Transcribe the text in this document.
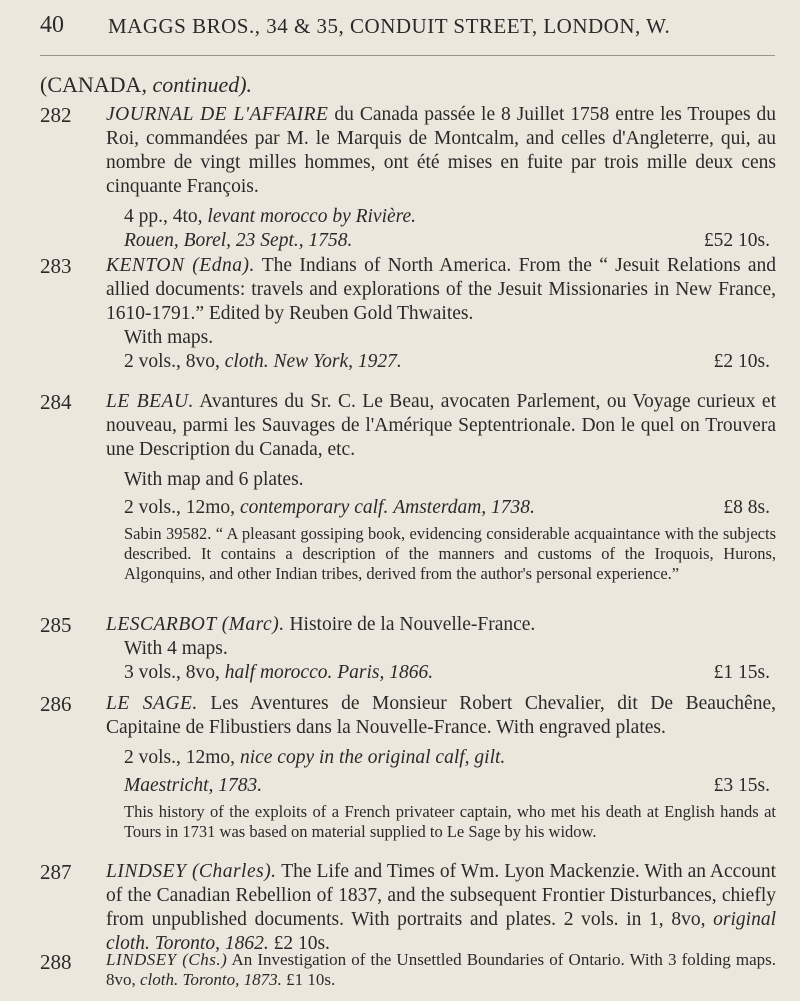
40 MAGGS BROS., 34 & 35, CONDUIT STREET, LONDON, W.
(CANADA, continued).
282 JOURNAL DE L'AFFAIRE du Canada passée le 8 Juillet 1758 entre les Troupes du Roi, commandées par M. le Marquis de Montcalm, and celles d'Angleterre, qui, au nombre de vingt milles hommes, ont été mises en fuite par trois mille deux cens cinquante François.

4 pp., 4to, levant morocco by Rivière.
Rouen, Borel, 23 Sept., 1758.	£52 10s.
283 KENTON (Edna). The Indians of North America. From the “ Jesuit Relations and allied documents: travels and explorations of the Jesuit Missionaries in New France, 1610-1791.” Edited by Reuben Gold Thwaites.

With maps.
2 vols., 8vo, cloth. New York, 1927.	£2 10s.
284 LE BEAU. Avantures du Sr. C. Le Beau, avocaten Parlement, ou Voyage curieux et nouveau, parmi les Sauvages de l'Amérique Septentrionale. Don le quel on Trouvera une Description du Canada, etc.

With map and 6 plates.
2 vols., 12mo, contemporary calf. Amsterdam, 1738.	£8 8s.

Sabin 39582. “ A pleasant gossiping book, evidencing considerable acquaintance with the subjects described. It contains a description of the manners and customs of the Iroquois, Hurons, Algonquins, and other Indian tribes, derived from the author's personal experience.”

285 LESCARBOT (Marc). Histoire de la Nouvelle-France.

With 4 maps.
3 vols., 8vo, half morocco. Paris, 1866.	£1 15s.
286 LE SAGE. Les Aventures de Monsieur Robert Chevalier, dit De Beauchêne, Capitaine de Flibustiers dans la Nouvelle-France. With engraved plates.

2 vols., 12mo, nice copy in the original calf, gilt.
Maestricht, 1783.	£3 15s.

This history of the exploits of a French privateer captain, who met his death at English hands at Tours in 1731 was based on material supplied to Le Sage by his widow.

287 LINDSEY (Charles). The Life and Times of Wm. Lyon Mackenzie. With an Account of the Canadian Rebellion of 1837, and the subsequent Frontier Disturbances, chiefly from unpublished documents. With portraits and plates. 2 vols. in 1, 8vo, original cloth. Toronto, 1862. £2 10s.

288 LINDSEY (Chs.) An Investigation of the Unsettled Boundaries of Ontario. With 3 folding maps. 8vo, cloth. Toronto, 1873. £1 10s.
